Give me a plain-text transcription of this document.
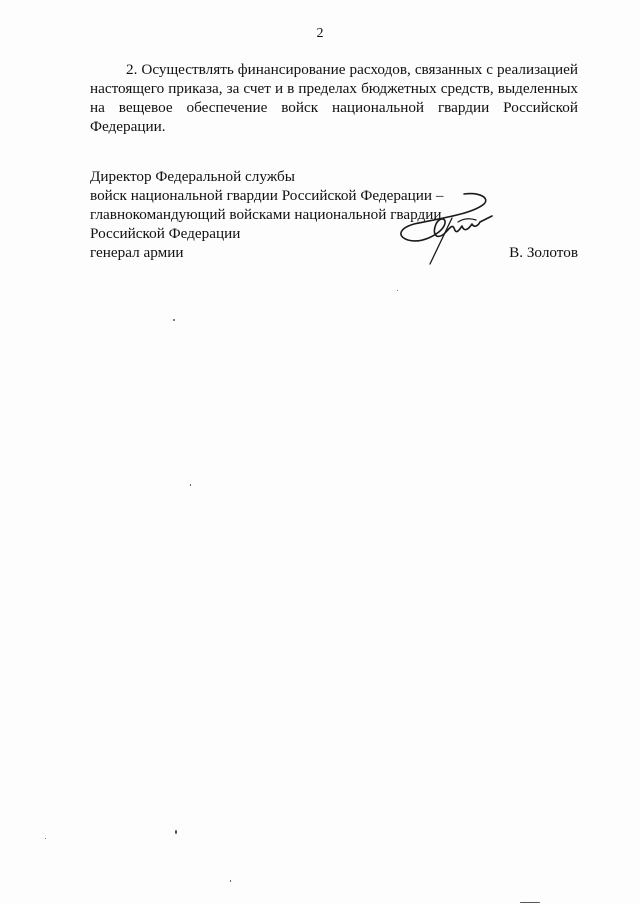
2

2. Осуществлять финансирование расходов, связанных с реализацией настоящего приказа, за счет и в пределах бюджетных средств, выделенных на вещевое обеспечение войск национальной гвардии Российской Федерации.

Директор Федеральной службы
войск национальной гвардии Российской Федерации –
главнокомандующий войсками национальной гвардии
Российской Федерации
генерал армии	В. Золотов
